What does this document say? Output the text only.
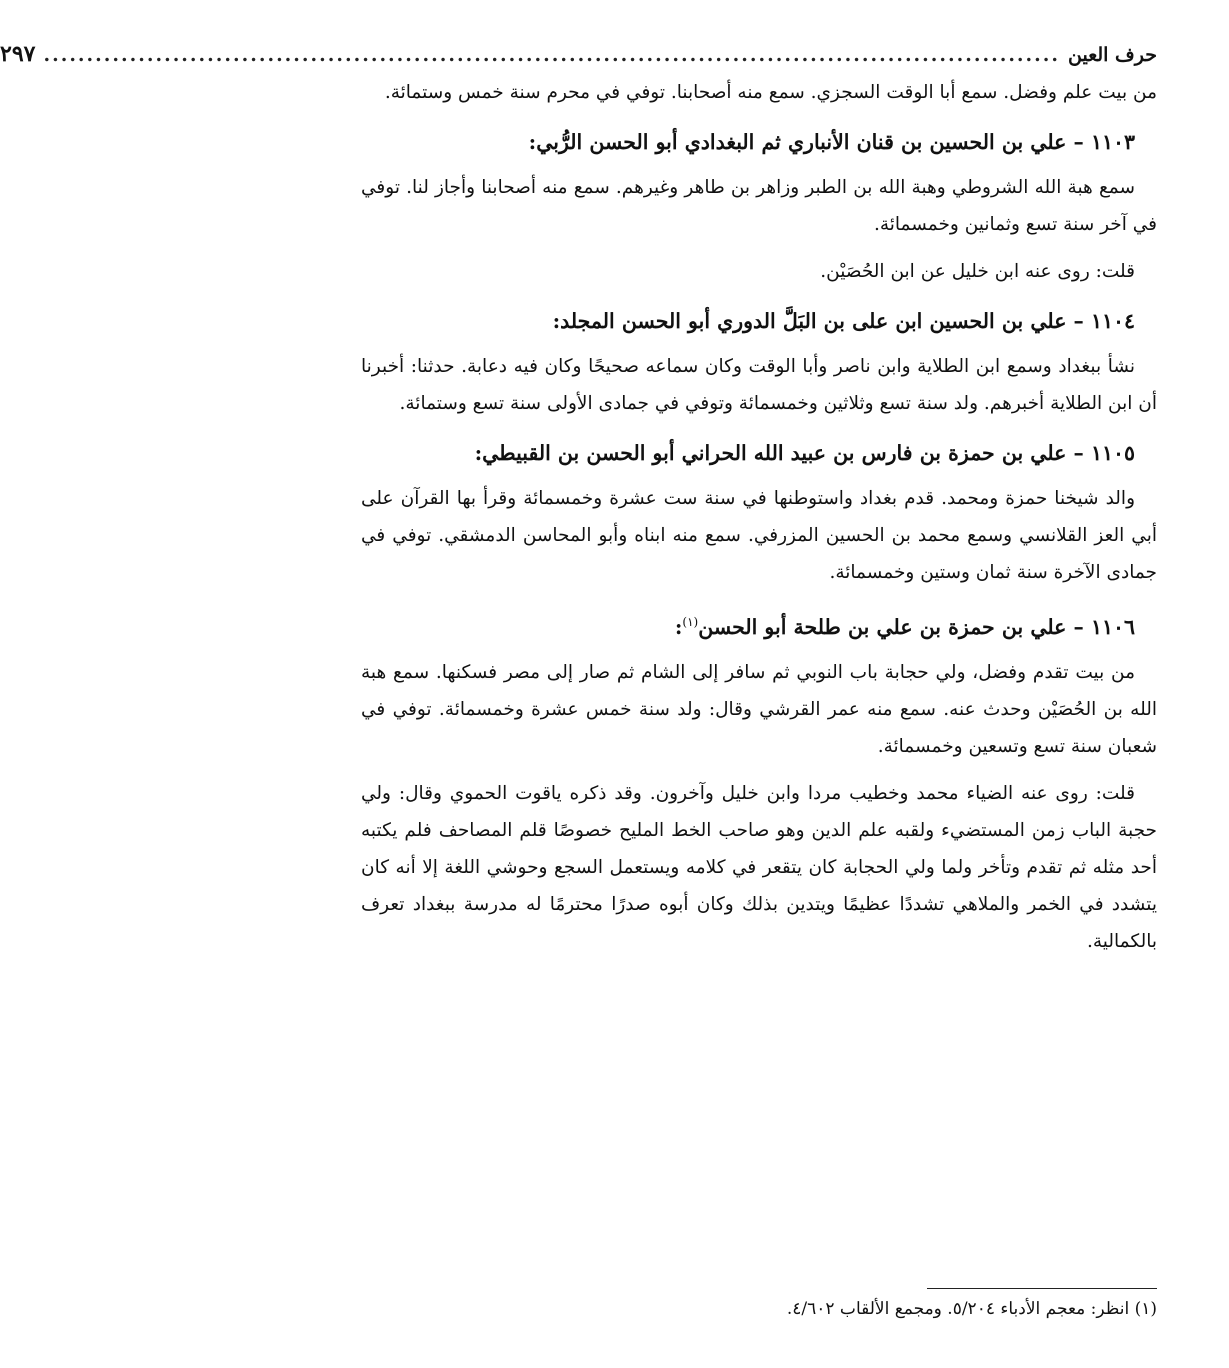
حرف العين
......................................................................................................................
٢٩٧

من بيت علم وفضل. سمع أبا الوقت السجزي. سمع منه أصحابنا. توفي في محرم سنة خمس وستمائة.

١١٠٣ – علي بن الحسين بن قنان الأنباري ثم البغدادي أبو الحسن الرُّبي:

سمع هبة الله الشروطي وهبة الله بن الطبر وزاهر بن طاهر وغيرهم. سمع منه أصحابنا وأجاز لنا. توفي في آخر سنة تسع وثمانين وخمسمائة.

قلت: روى عنه ابن خليل عن ابن الحُصَيْن.

١١٠٤ – علي بن الحسين ابن على بن البَلَّ الدوري أبو الحسن المجلد:

نشأ ببغداد وسمع ابن الطلاية وابن ناصر وأبا الوقت وكان سماعه صحيحًا وكان فيه دعابة. حدثنا: أخبرنا أن ابن الطلاية أخبرهم. ولد سنة تسع وثلاثين وخمسمائة وتوفي في جمادى الأولى سنة تسع وستمائة.

١١٠٥ – علي بن حمزة بن فارس بن عبيد الله الحراني أبو الحسن بن القبيطي:

والد شيخنا حمزة ومحمد. قدم بغداد واستوطنها في سنة ست عشرة وخمسمائة وقرأ بها القرآن على أبي العز القلانسي وسمع محمد بن الحسين المزرفي. سمع منه ابناه وأبو المحاسن الدمشقي. توفي في جمادى الآخرة سنة ثمان وستين وخمسمائة.

١١٠٦ – علي بن حمزة بن علي بن طلحة أبو الحسن$^{(١)}$:

من بيت تقدم وفضل، ولي حجابة باب النوبي ثم سافر إلى الشام ثم صار إلى مصر فسكنها. سمع هبة الله بن الحُصَيْن وحدث عنه. سمع منه عمر القرشي وقال: ولد سنة خمس عشرة وخمسمائة. توفي في شعبان سنة تسع وتسعين وخمسمائة.

قلت: روى عنه الضياء محمد وخطيب مردا وابن خليل وآخرون. وقد ذكره ياقوت الحموي وقال: ولي حجبة الباب زمن المستضيء ولقبه علم الدين وهو صاحب الخط المليح خصوصًا قلم المصاحف فلم يكتبه أحد مثله ثم تقدم وتأخر ولما ولي الحجابة كان يتقعر في كلامه ويستعمل السجع وحوشي اللغة إلا أنه كان يتشدد في الخمر والملاهي تشددًا عظيمًا ويتدين بذلك وكان أبوه صدرًا محترمًا له مدرسة ببغداد تعرف بالكمالية.

(١) انظر: معجم الأدباء ٥/٢٠٤. ومجمع الألقاب ٤/٦٠٢.
